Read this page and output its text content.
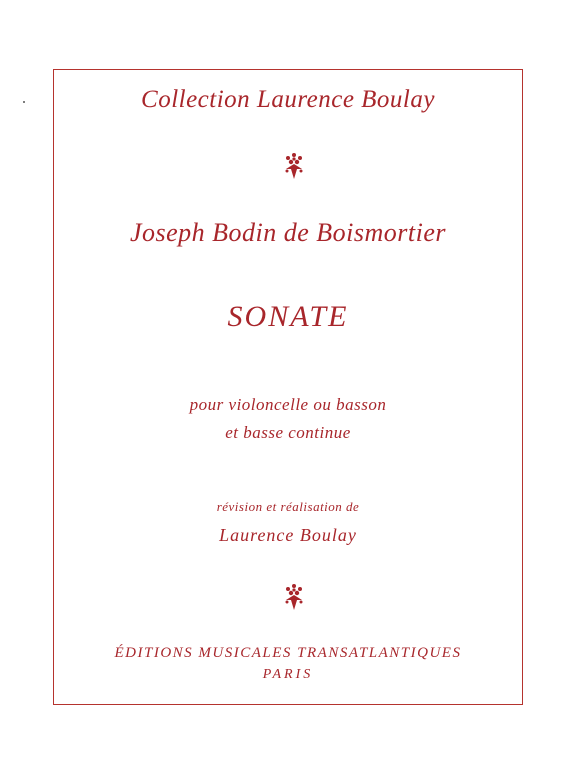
Collection Laurence Boulay
Joseph Bodin de Boismortier
SONATE
pour violoncelle ou basson
et basse continue
révision et réalisation de
Laurence Boulay
ÉDITIONS MUSICALES TRANSATLANTIQUES
PARIS
